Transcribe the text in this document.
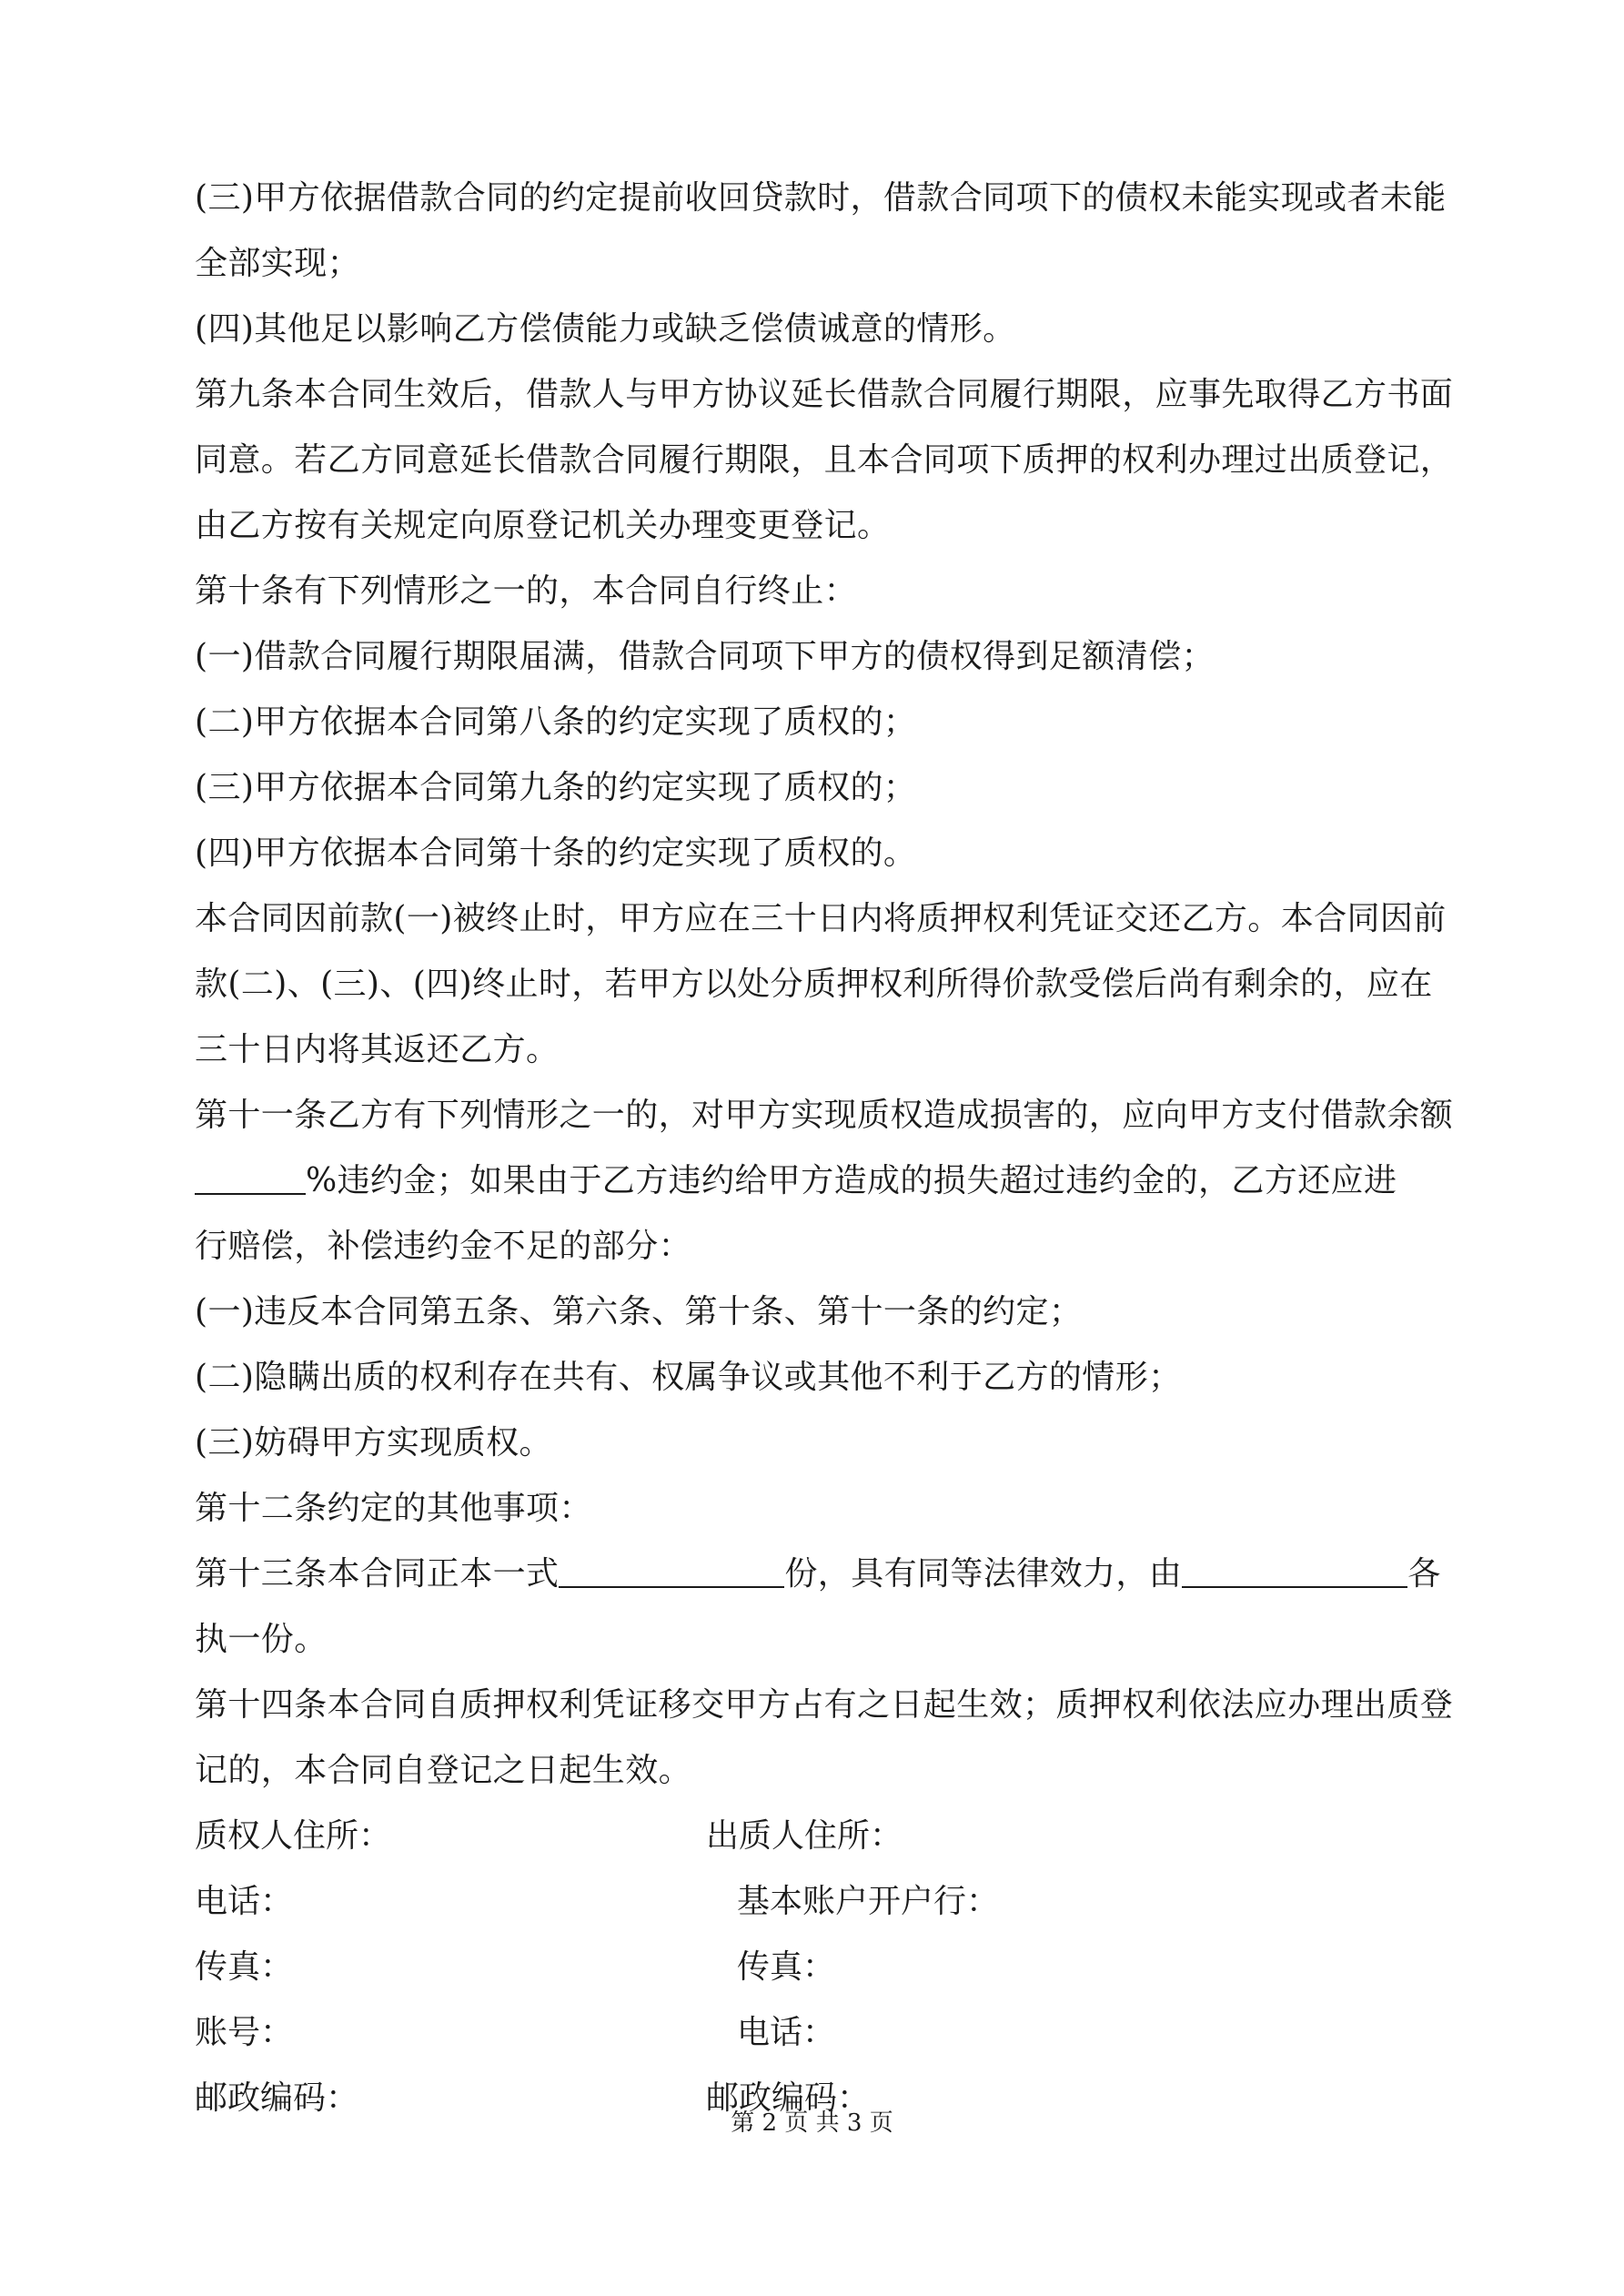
(三)甲方依据借款合同的约定提前收回贷款时，借款合同项下的债权未能实现或者未能
全部实现；
(四)其他足以影响乙方偿债能力或缺乏偿债诚意的情形。
第九条本合同生效后，借款人与甲方协议延长借款合同履行期限，应事先取得乙方书面
同意。若乙方同意延长借款合同履行期限，且本合同项下质押的权利办理过出质登记，
由乙方按有关规定向原登记机关办理变更登记。
第十条有下列情形之一的，本合同自行终止：
(一)借款合同履行期限届满，借款合同项下甲方的债权得到足额清偿；
(二)甲方依据本合同第八条的约定实现了质权的；
(三)甲方依据本合同第九条的约定实现了质权的；
(四)甲方依据本合同第十条的约定实现了质权的。
本合同因前款(一)被终止时，甲方应在三十日内将质押权利凭证交还乙方。本合同因前
款(二)、(三)、(四)终止时，若甲方以处分质押权利所得价款受偿后尚有剩余的，应在
三十日内将其返还乙方。
第十一条乙方有下列情形之一的，对甲方实现质权造成损害的，应向甲方支付借款余额
%违约金；如果由于乙方违约给甲方造成的损失超过违约金的，乙方还应进
行赔偿，补偿违约金不足的部分：
(一)违反本合同第五条、第六条、第十条、第十一条的约定；
(二)隐瞒出质的权利存在共有、权属争议或其他不利于乙方的情形；
(三)妨碍甲方实现质权。
第十二条约定的其他事项：
第十三条本合同正本一式	份，具有同等法律效力，由	各
执一份。
第十四条本合同自质押权利凭证移交甲方占有之日起生效；质押权利依法应办理出质登
记的，本合同自登记之日起生效。
质权人住所：	出质人住所：
电话：	基本账户开户行：
传真：	传真：
账号：	电话：
邮政编码：	邮政编码：
第 2 页 共 3 页
